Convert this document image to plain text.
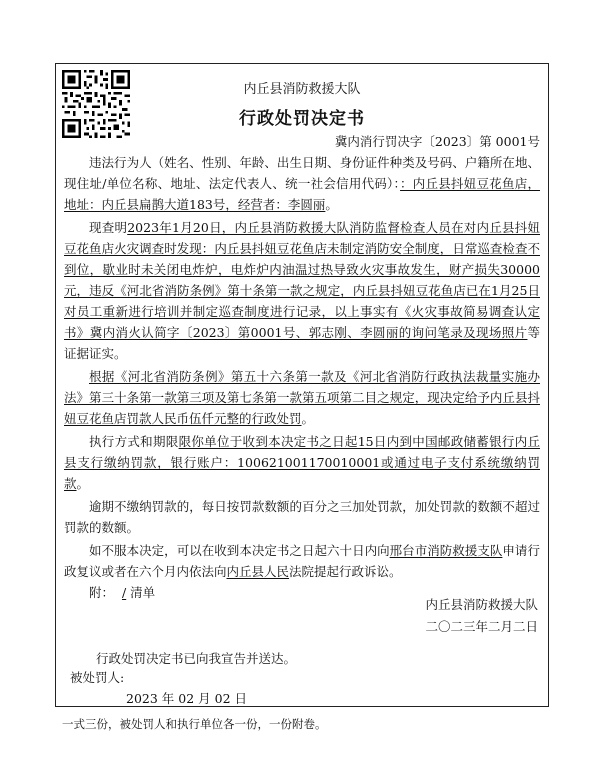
内丘县消防救援大队
行政处罚决定书
冀内消行罚决字〔2023〕第 0001号

违法行为人（姓名、性别、年龄、出生日期、身份证件种类及号码、户籍所在地、现住址/单位名称、地址、法定代表人、统一社会信用代码）：：内丘县抖妞豆花鱼店，地址：内丘县扁鹊大道183号，经营者：李圆丽。

现查明2023年1月20日，内丘县消防救援大队消防监督检查人员在对内丘县抖妞豆花鱼店火灾调查时发现：内丘县抖妞豆花鱼店未制定消防安全制度，日常巡查检查不到位，歇业时未关闭电炸炉，电炸炉内油温过热导致火灾事故发生，财产损失30000元，违反《河北省消防条例》第十条第一款之规定，内丘县抖妞豆花鱼店已在1月25日对员工重新进行培训并制定巡查制度进行记录，以上事实有《火灾事故简易调查认定书》冀内消火认简字〔2023〕第0001号、郭志刚、李圆丽的询问笔录及现场照片等证据证实。

根据《河北省消防条例》第五十六条第一款及《河北省消防行政执法裁量实施办法》第三十条第一款第三项及第七条第一款第五项第二目之规定，现决定给予内丘县抖妞豆花鱼店罚款人民币伍仟元整的行政处罚。

执行方式和期限限你单位于收到本决定书之日起15日内到中国邮政储蓄银行内丘县支行缴纳罚款，银行账户：100621001170010001或通过电子支付系统缴纳罚款。

逾期不缴纳罚款的，每日按罚款数额的百分之三加处罚款，加处罚款的数额不超过罚款的数额。

如不服本决定，可以在收到本决定书之日起六十日内向邢台市消防救援支队申请行政复议或者在六个月内依法向内丘县人民法院提起行政诉讼。

附： / 清单

内丘县消防救援大队
二〇二三年二月二日
行政处罚决定书已向我宣告并送达。
被处罚人:
2023 年 02 月 02 日
一式三份，被处罚人和执行单位各一份，一份附卷。
